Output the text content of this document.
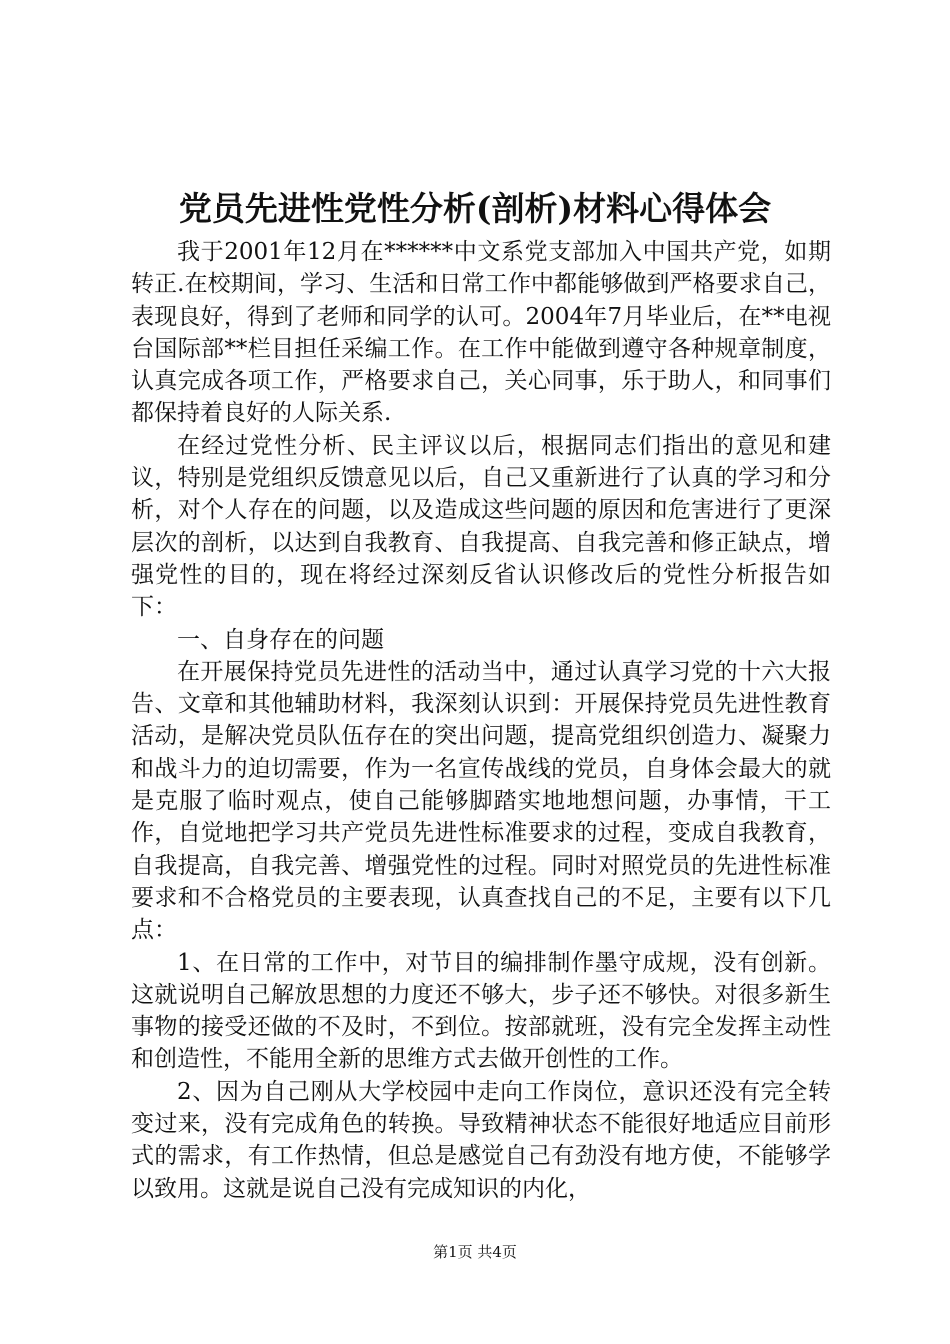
党员先进性党性分析(剖析)材料心得体会

我于2001年12月在******中文系党支部加入中国共产党，如期转正.在校期间，学习、生活和日常工作中都能够做到严格要求自己，表现良好，得到了老师和同学的认可。2004年7月毕业后，在**电视台国际部**栏目担任采编工作。在工作中能做到遵守各种规章制度，认真完成各项工作，严格要求自己，关心同事，乐于助人，和同事们都保持着良好的人际关系.

在经过党性分析、民主评议以后，根据同志们指出的意见和建议，特别是党组织反馈意见以后，自己又重新进行了认真的学习和分析，对个人存在的问题，以及造成这些问题的原因和危害进行了更深层次的剖析，以达到自我教育、自我提高、自我完善和修正缺点，增强党性的目的，现在将经过深刻反省认识修改后的党性分析报告如下：

一、自身存在的问题

在开展保持党员先进性的活动当中，通过认真学习党的十六大报告、文章和其他辅助材料，我深刻认识到：开展保持党员先进性教育活动，是解决党员队伍存在的突出问题，提高党组织创造力、凝聚力和战斗力的迫切需要，作为一名宣传战线的党员，自身体会最大的就是克服了临时观点，使自己能够脚踏实地地想问题，办事情，干工作，自觉地把学习共产党员先进性标准要求的过程，变成自我教育，自我提高，自我完善、增强党性的过程。同时对照党员的先进性标准要求和不合格党员的主要表现，认真查找自己的不足，主要有以下几点：

1、在日常的工作中，对节目的编排制作墨守成规，没有创新。这就说明自己解放思想的力度还不够大，步子还不够快。对很多新生事物的接受还做的不及时，不到位。按部就班，没有完全发挥主动性和创造性，不能用全新的思维方式去做开创性的工作。

2、因为自己刚从大学校园中走向工作岗位，意识还没有完全转变过来，没有完成角色的转换。导致精神状态不能很好地适应目前形式的需求，有工作热情，但总是感觉自己有劲没有地方使，不能够学以致用。这就是说自己没有完成知识的内化，

第1页 共4页
